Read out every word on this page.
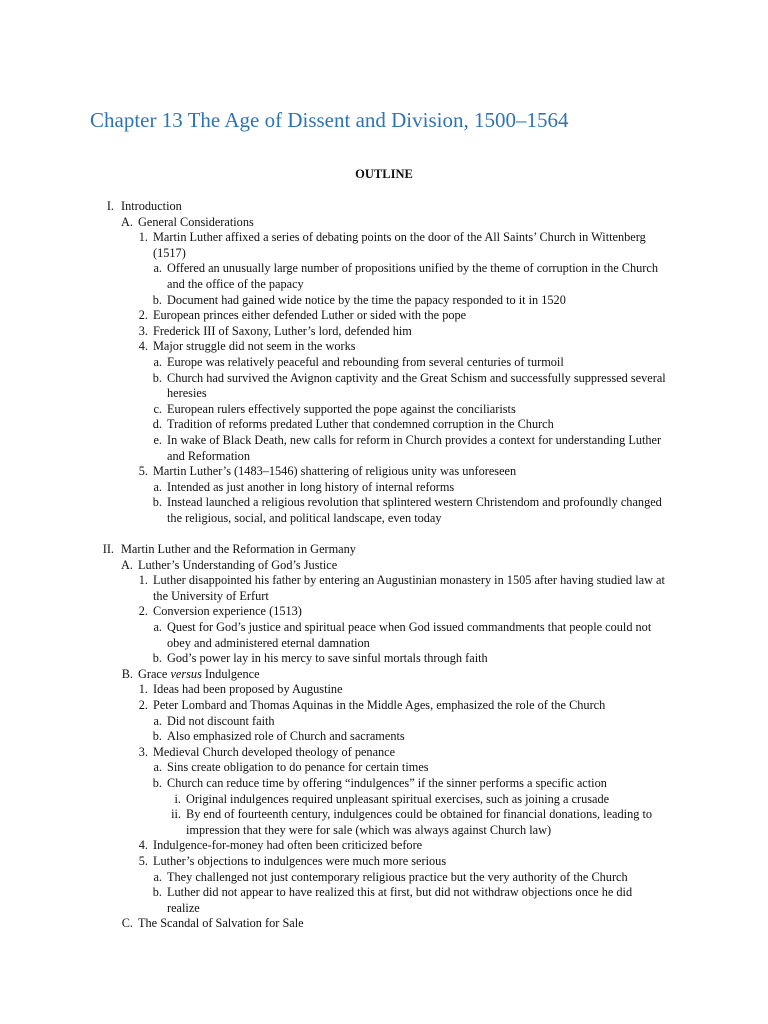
Chapter 13 The Age of Dissent and Division, 1500–1564
OUTLINE
I. Introduction
A. General Considerations
1. Martin Luther affixed a series of debating points on the door of the All Saints’ Church in Wittenberg
(1517)
a. Offered an unusually large number of propositions unified by the theme of corruption in the Church
and the office of the papacy
b. Document had gained wide notice by the time the papacy responded to it in 1520
2. European princes either defended Luther or sided with the pope
3. Frederick III of Saxony, Luther’s lord, defended him
4. Major struggle did not seem in the works
a. Europe was relatively peaceful and rebounding from several centuries of turmoil
b. Church had survived the Avignon captivity and the Great Schism and successfully suppressed several
heresies
c. European rulers effectively supported the pope against the conciliarists
d. Tradition of reforms predated Luther that condemned corruption in the Church
e. In wake of Black Death, new calls for reform in Church provides a context for understanding Luther
and Reformation
5. Martin Luther’s (1483–1546) shattering of religious unity was unforeseen
a. Intended as just another in long history of internal reforms
b. Instead launched a religious revolution that splintered western Christendom and profoundly changed
the religious, social, and political landscape, even today
II. Martin Luther and the Reformation in Germany
A. Luther’s Understanding of God’s Justice
1. Luther disappointed his father by entering an Augustinian monastery in 1505 after having studied law at
the University of Erfurt
2. Conversion experience (1513)
a. Quest for God’s justice and spiritual peace when God issued commandments that people could not
obey and administered eternal damnation
b. God’s power lay in his mercy to save sinful mortals through faith
B. Grace versus Indulgence
1. Ideas had been proposed by Augustine
2. Peter Lombard and Thomas Aquinas in the Middle Ages, emphasized the role of the Church
a. Did not discount faith
b. Also emphasized role of Church and sacraments
3. Medieval Church developed theology of penance
a. Sins create obligation to do penance for certain times
b. Church can reduce time by offering “indulgences” if the sinner performs a specific action
i. Original indulgences required unpleasant spiritual exercises, such as joining a crusade
ii. By end of fourteenth century, indulgences could be obtained for financial donations, leading to
impression that they were for sale (which was always against Church law)
4. Indulgence-for-money had often been criticized before
5. Luther’s objections to indulgences were much more serious
a. They challenged not just contemporary religious practice but the very authority of the Church
b. Luther did not appear to have realized this at first, but did not withdraw objections once he did
realize
C. The Scandal of Salvation for Sale
